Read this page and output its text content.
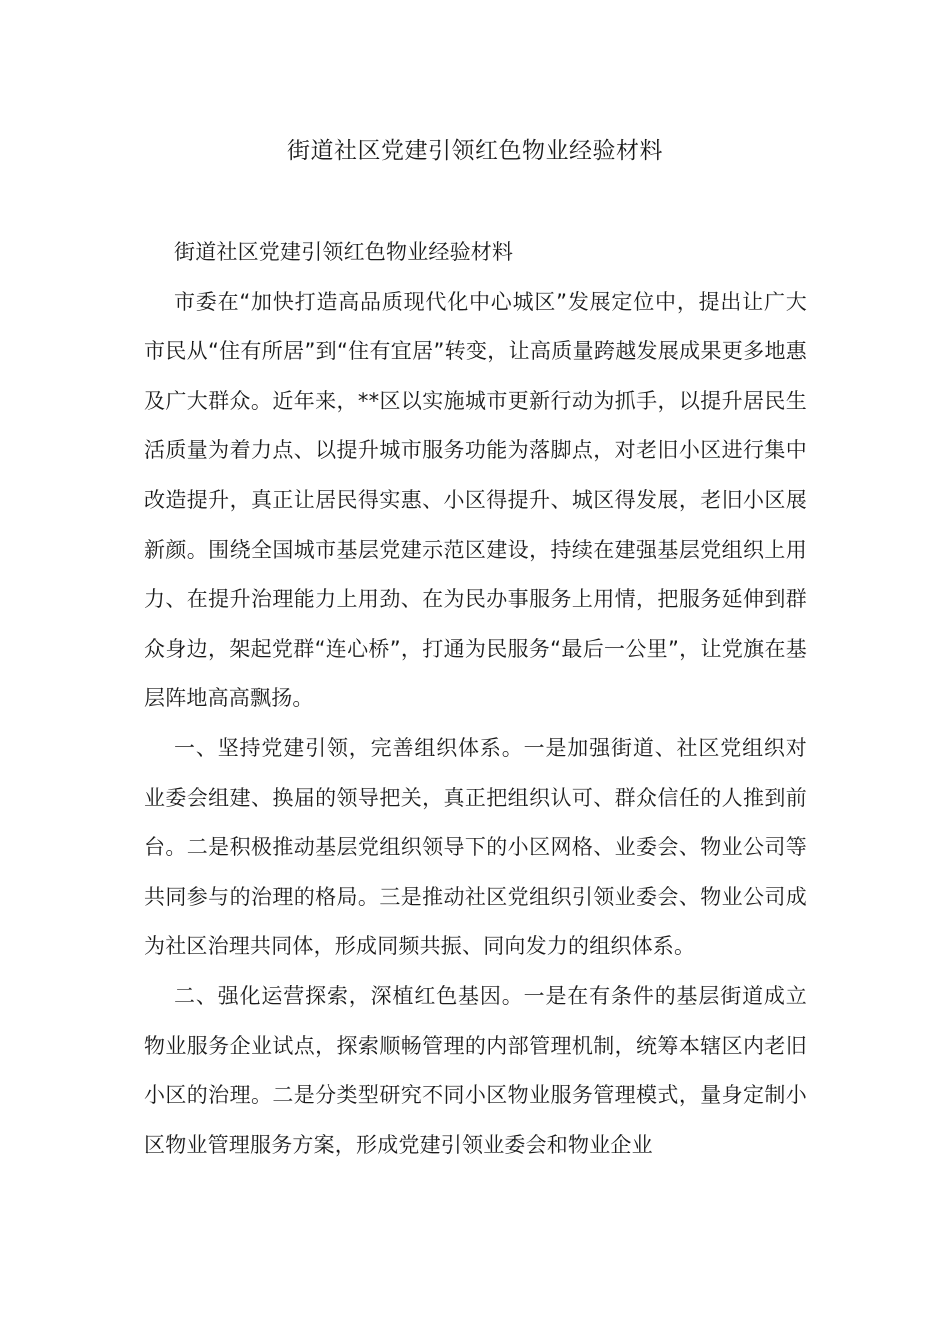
街道社区党建引领红色物业经验材料

街道社区党建引领红色物业经验材料

市委在“加快打造高品质现代化中心城区”发展定位中，提出让广大市民从“住有所居”到“住有宜居”转变，让高质量跨越发展成果更多地惠及广大群众。近年来，**区以实施城市更新行动为抓手，以提升居民生活质量为着力点、以提升城市服务功能为落脚点，对老旧小区进行集中改造提升，真正让居民得实惠、小区得提升、城区得发展，老旧小区展新颜。围绕全国城市基层党建示范区建设，持续在建强基层党组织上用力、在提升治理能力上用劲、在为民办事服务上用情，把服务延伸到群众身边，架起党群“连心桥”，打通为民服务“最后一公里”，让党旗在基层阵地高高飘扬。

一、坚持党建引领，完善组织体系。一是加强街道、社区党组织对业委会组建、换届的领导把关，真正把组织认可、群众信任的人推到前台。二是积极推动基层党组织领导下的小区网格、业委会、物业公司等共同参与的治理的格局。三是推动社区党组织引领业委会、物业公司成为社区治理共同体，形成同频共振、同向发力的组织体系。

二、强化运营探索，深植红色基因。一是在有条件的基层街道成立物业服务企业试点，探索顺畅管理的内部管理机制，统筹本辖区内老旧小区的治理。二是分类型研究不同小区物业服务管理模式，量身定制小区物业管理服务方案，形成党建引领业委会和物业企业
